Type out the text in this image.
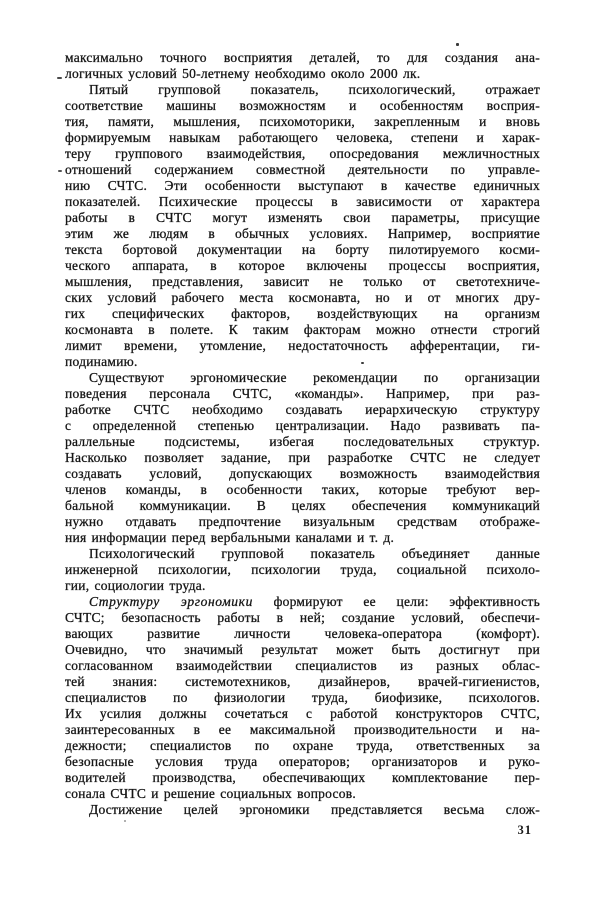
максимально точного восприятия деталей, то для создания ана-
логичных условий 50-летнему необходимо около 2000 лк.
Пятый групповой показатель, психологический, отражает
соответствие машины возможностям и особенностям восприя-
тия, памяти, мышления, психомоторики, закрепленным и вновь
формируемым навыкам работающего человека, степени и харак-
теру группового взаимодействия, опосредования межличностных
отношений содержанием совместной деятельности по управле-
нию СЧТС. Эти особенности выступают в качестве единичных
показателей. Психические процессы в зависимости от характера
работы в СЧТС могут изменять свои параметры, присущие
этим же людям в обычных условиях. Например, восприятие
текста бортовой документации на борту пилотируемого косми-
ческого аппарата, в которое включены процессы восприятия,
мышления, представления, зависит не только от светотехниче-
ских условий рабочего места космонавта, но и от многих дру-
гих специфических факторов, воздействующих на организм
космонавта в полете. К таким факторам можно отнести строгий
лимит времени, утомление, недостаточность афферентации, ги-
подинамию.
Существуют эргономические рекомендации по организации
поведения персонала СЧТС, «команды». Например, при раз-
работке СЧТС необходимо создавать иерархическую структуру
с определенной степенью централизации. Надо развивать па-
раллельные подсистемы, избегая последовательных структур.
Насколько позволяет задание, при разработке СЧТС не следует
создавать условий, допускающих возможность взаимодействия
членов команды, в особенности таких, которые требуют вер-
бальной коммуникации. В целях обеспечения коммуникаций
нужно отдавать предпочтение визуальным средствам отображе-
ния информации перед вербальными каналами и т. д.
Психологический групповой показатель объединяет данные
инженерной психологии, психологии труда, социальной психоло-
гии, социологии труда.
Структуру эргономики формируют ее цели: эффективность
СЧТС; безопасность работы в ней; создание условий, обеспечи-
вающих развитие личности человека-оператора (комфорт).
Очевидно, что значимый результат может быть достигнут при
согласованном взаимодействии специалистов из разных облас-
тей знания: системотехников, дизайнеров, врачей-гигиенистов,
специалистов по физиологии труда, биофизике, психологов.
Их усилия должны сочетаться с работой конструкторов СЧТС,
заинтересованных в ее максимальной производительности и на-
дежности; специалистов по охране труда, ответственных за
безопасные условия труда операторов; организаторов и руко-
водителей производства, обеспечивающих комплектование пер-
сонала СЧТС и решение социальных вопросов.
Достижение целей эргономики представляется весьма слож-
31
